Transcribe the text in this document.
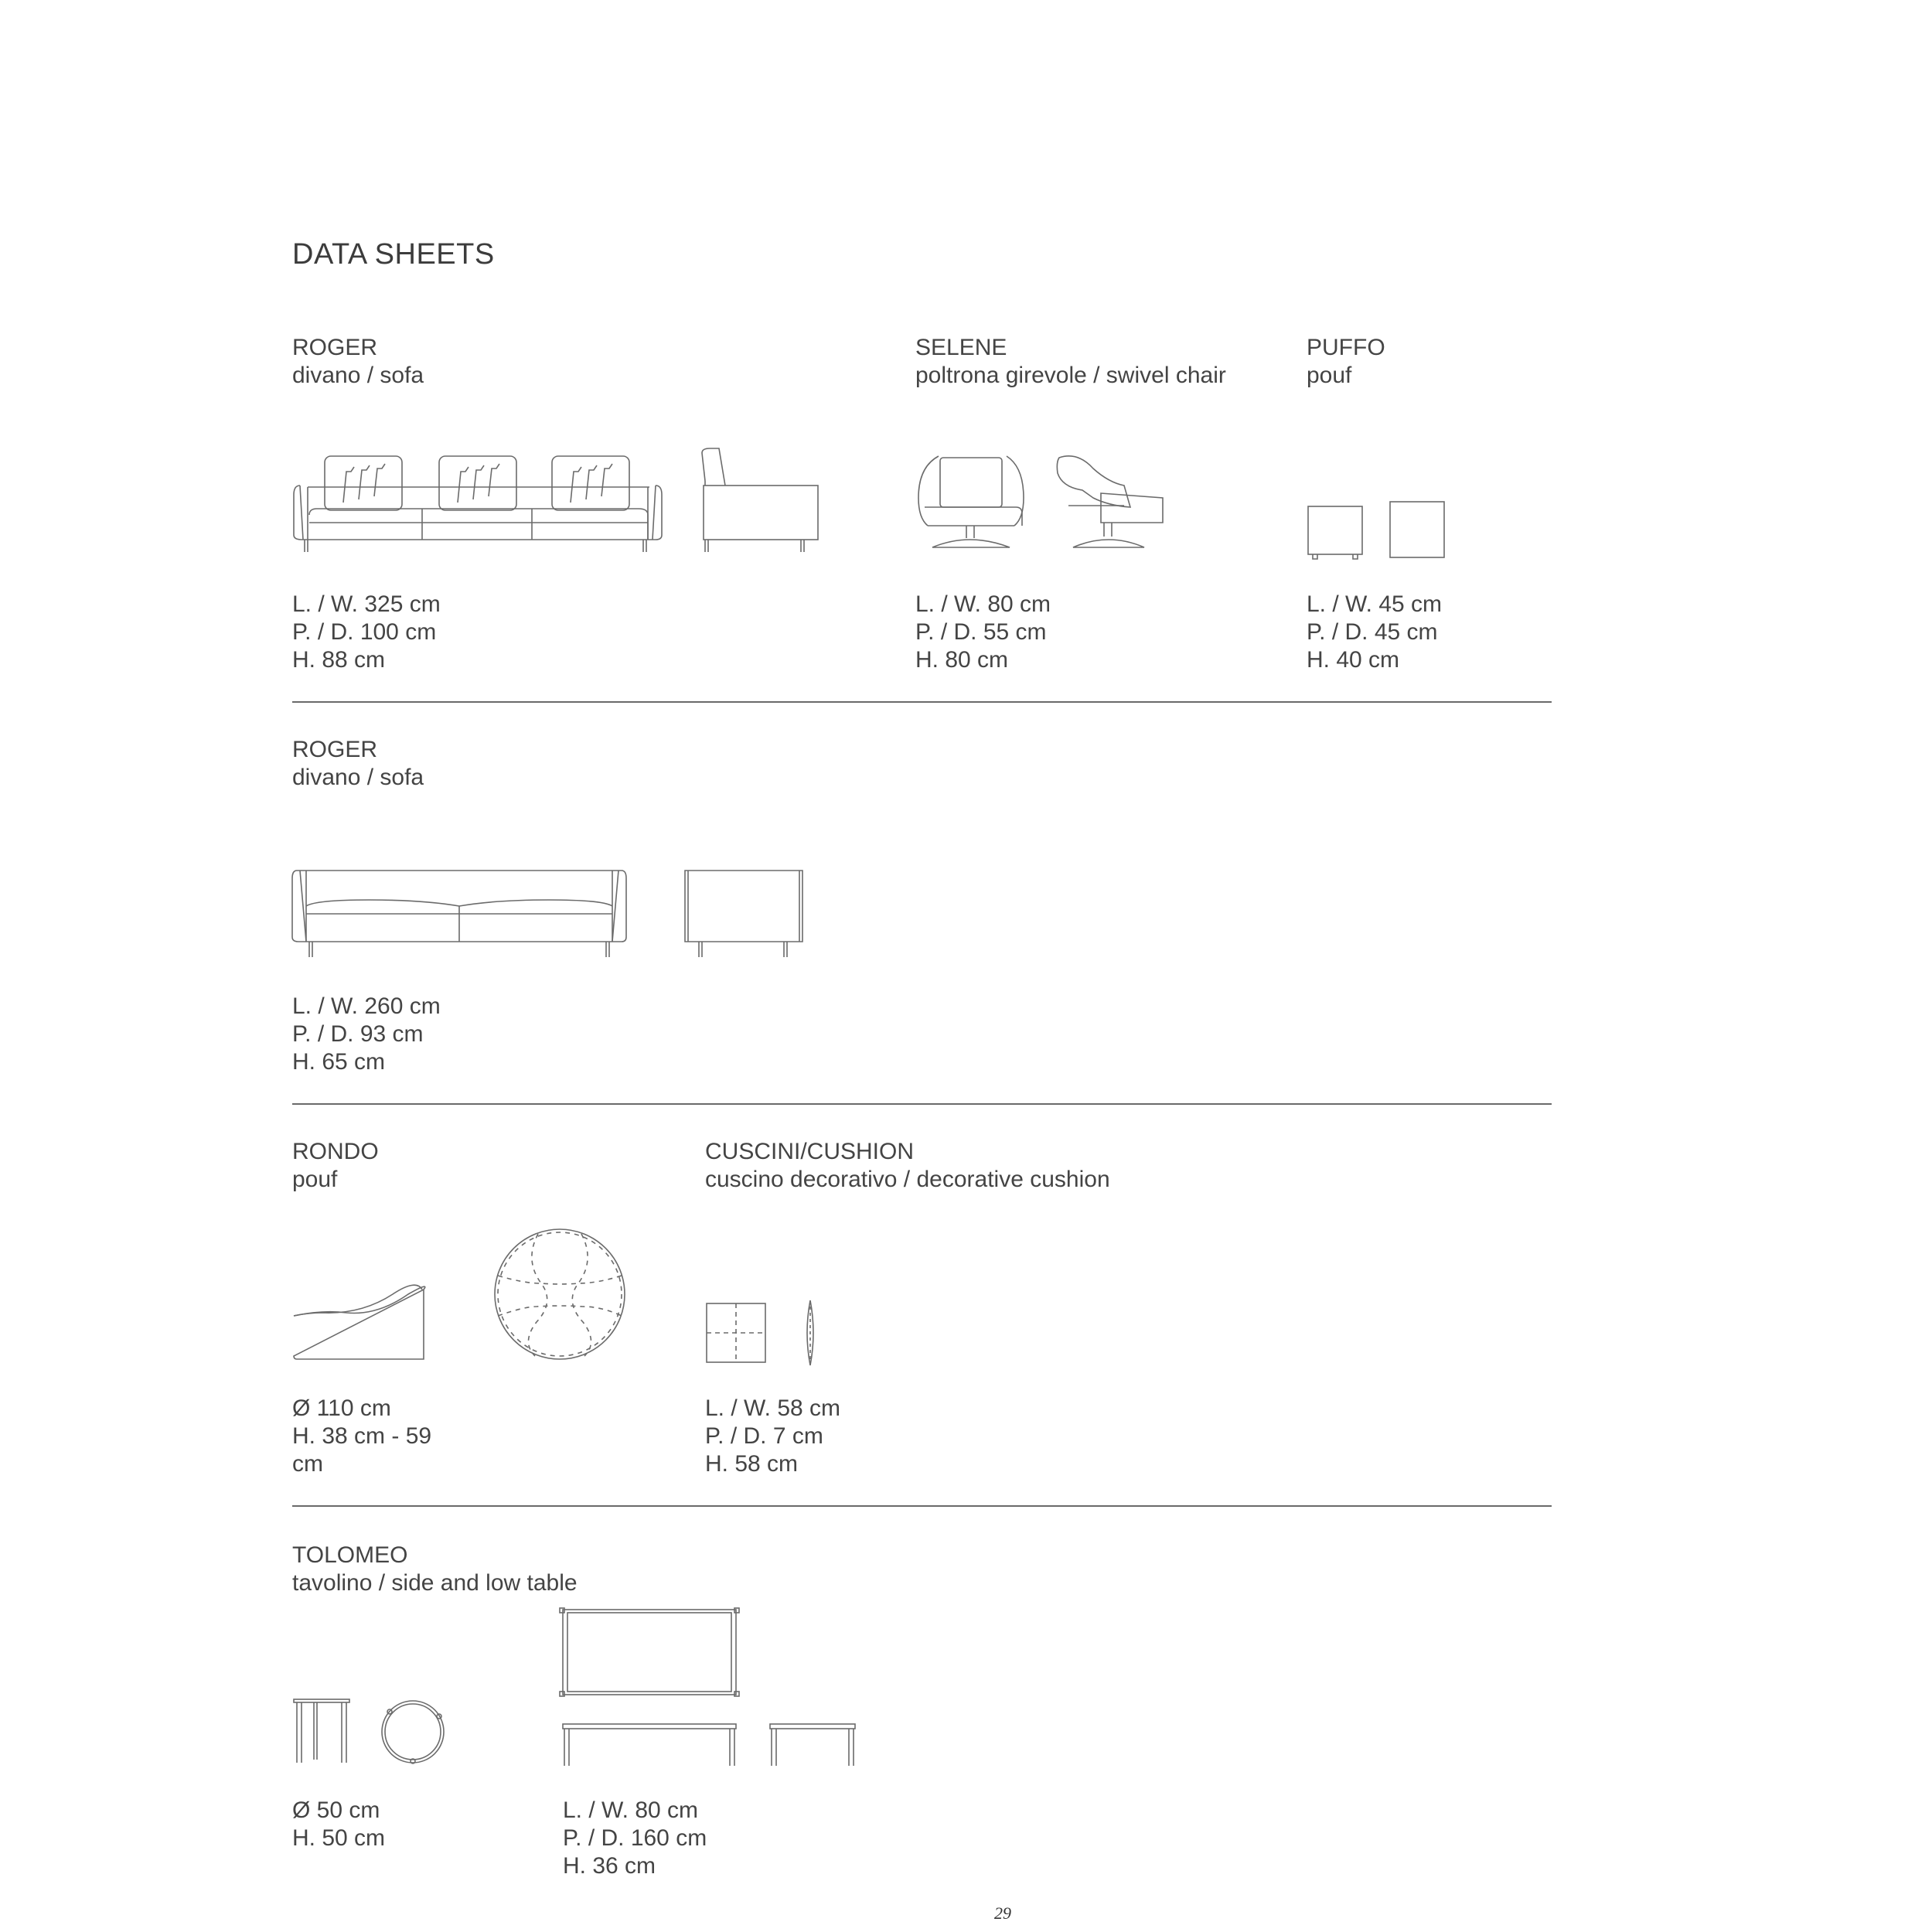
DATA SHEETS
ROGER
divano / sofa
L. / W. 325 cm
P. / D. 100 cm
H. 88 cm
SELENE
poltrona girevole / swivel chair
L. / W. 80 cm
P. / D. 55 cm
H. 80 cm
PUFFO
pouf
L. / W. 45 cm
P. / D. 45 cm
H. 40 cm
ROGER
divano / sofa
L. / W. 260 cm
P. / D. 93 cm
H. 65 cm
RONDO
pouf
Ø 110 cm
H. 38 cm - 59
cm
CUSCINI/CUSHION
cuscino decorativo / decorative cushion
L. / W. 58 cm
P. / D. 7 cm
H. 58 cm
TOLOMEO
tavolino / side and low table
Ø 50 cm
H. 50 cm
L. / W. 80 cm
P. / D. 160 cm
H. 36 cm
29
